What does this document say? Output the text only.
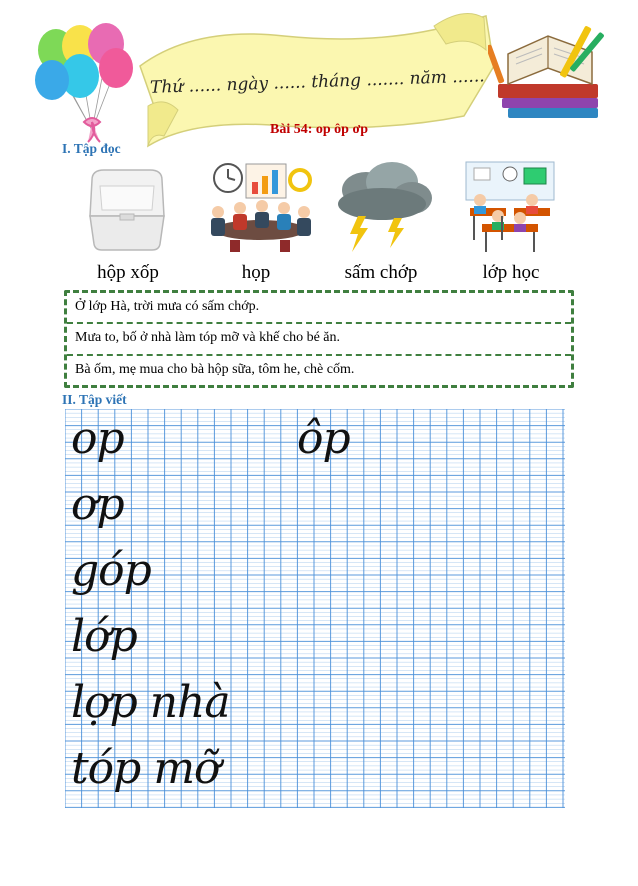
Thứ ...... ngày ...... tháng ....... năm ......
Bài 54: op ôp ơp
I. Tập đọc
hộp xốp	họp	sấm chớp	lớp học
Ở lớp Hà, trời mưa có sấm chớp.
Mưa to, bố ở nhà làm tóp mỡ và khế cho bé ăn.
Bà ốm, mẹ mua cho bà hộp sữa, tôm he, chè cốm.
II. Tập viết
op	ôp
ơp
góp
lớp
lợp nhà
tóp mỡ
